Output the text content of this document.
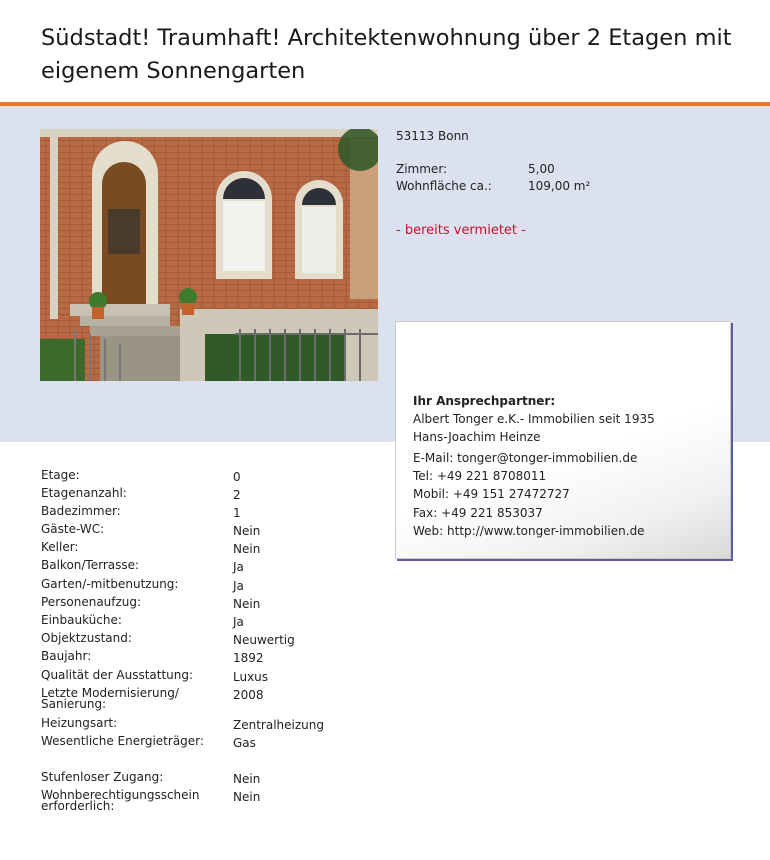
Südstadt! Traumhaft! Architektenwohnung über 2 Etagen mit eigenem Sonnengarten
53113 Bonn
Zimmer:	5,00
Wohnfläche ca.:	109,00 m²
- bereits vermietet -
Ihr Ansprechpartner:
Albert Tonger e.K.- Immobilien seit 1935
Hans-Joachim Heinze
E-Mail: tonger@tonger-immobilien.de
Tel: +49 221 8708011
Mobil: +49 151 27472727
Fax: +49 221 853037
Web: http://www.tonger-immobilien.de
Etage:	0
Etagenanzahl:	2
Badezimmer:	1
Gäste-WC:	Nein
Keller:	Nein
Balkon/Terrasse:	Ja
Garten/-mitbenutzung:	Ja
Personenaufzug:	Nein
Einbauküche:	Ja
Objektzustand:	Neuwertig
Baujahr:	1892
Qualität der Ausstattung:	Luxus
Letzte Modernisierung/ Sanierung:
2008
Heizungsart:	Zentralheizung
Wesentliche Energieträger:	Gas
Stufenloser Zugang:	Nein
Wohnberechtigungsschein erforderlich:
Nein
